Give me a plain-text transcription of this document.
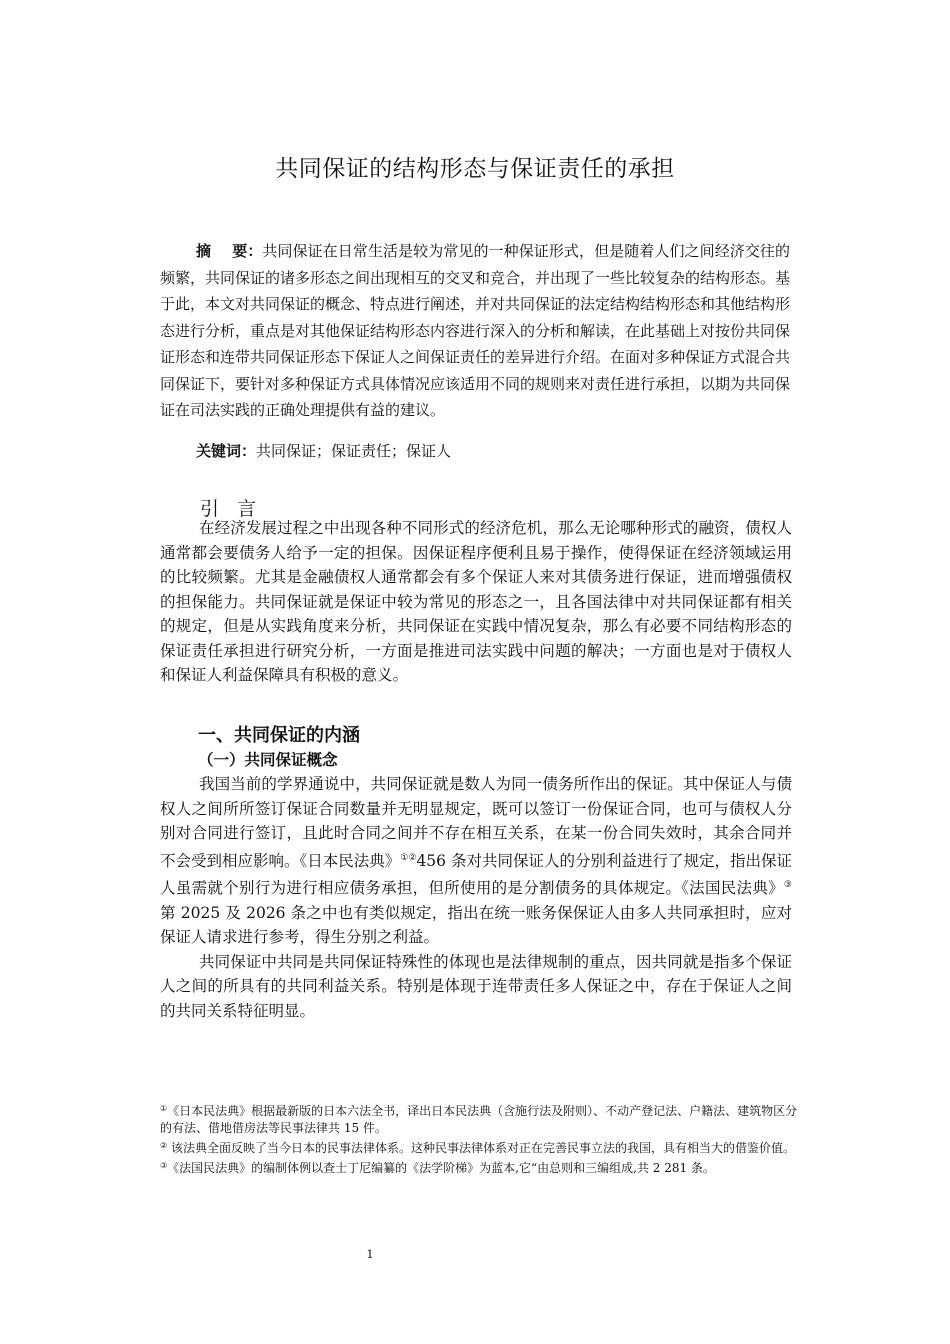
共同保证的结构形态与保证责任的承担
摘    要：共同保证在日常生活是较为常见的一种保证形式，但是随着人们之间经济交往的频繁，共同保证的诸多形态之间出现相互的交叉和竞合，并出现了一些比较复杂的结构形态。基于此，本文对共同保证的概念、特点进行阐述，并对共同保证的法定结构结构形态和其他结构形态进行分析，重点是对其他保证结构形态内容进行深入的分析和解读，在此基础上对按份共同保证形态和连带共同保证形态下保证人之间保证责任的差异进行介绍。在面对多种保证方式混合共同保证下，要针对多种保证方式具体情况应该适用不同的规则来对责任进行承担，以期为共同保证在司法实践的正确处理提供有益的建议。
关键词：共同保证；保证责任；保证人
引言

在经济发展过程之中出现各种不同形式的经济危机，那么无论哪种形式的融资，债权人通常都会要债务人给予一定的担保。因保证程序便利且易于操作，使得保证在经济领域运用的比较频繁。尤其是金融债权人通常都会有多个保证人来对其债务进行保证，进而增强债权的担保能力。共同保证就是保证中较为常见的形态之一，且各国法律中对共同保证都有相关的规定，但是从实践角度来分析，共同保证在实践中情况复杂，那么有必要不同结构形态的保证责任承担进行研究分析，一方面是推进司法实践中问题的解决；一方面也是对于债权人和保证人利益保障具有积极的意义。

一、共同保证的内涵
（一）共同保证概念

我国当前的学界通说中，共同保证就是数人为同一债务所作出的保证。其中保证人与债权人之间所所签订保证合同数量并无明显规定，既可以签订一份保证合同，也可与债权人分别对合同进行签订，且此时合同之间并不存在相互关系，在某一份合同失效时，其余合同并不会受到相应影响。《日本民法典》①②456 条对共同保证人的分别利益进行了规定，指出保证人虽需就个别行为进行相应债务承担，但所使用的是分割债务的具体规定。《法国民法典》③第 2025 及 2026 条之中也有类似规定，指出在统一账务保保证人由多人共同承担时，应对保证人请求进行参考，得生分别之利益。

共同保证中共同是共同保证特殊性的体现也是法律规制的重点，因共同就是指多个保证人之间的所具有的共同利益关系。特别是体现于连带责任多人保证之中，存在于保证人之间的共同关系特征明显。

①《日本民法典》根据最新版的日本六法全书，译出日本民法典（含施行法及附则）、不动产登记法、户籍法、建筑物区分的有法、借地借房法等民事法律共 15 件。

② 该法典全面反映了当今日本的民事法律体系。这种民事法律体系对正在完善民事立法的我国，具有相当大的借鉴价值。

③《法国民法典》的编制体例以查士丁尼编纂的《法学阶梯》为蓝本,它“由总则和三编组成,共 2 281 条。

1
